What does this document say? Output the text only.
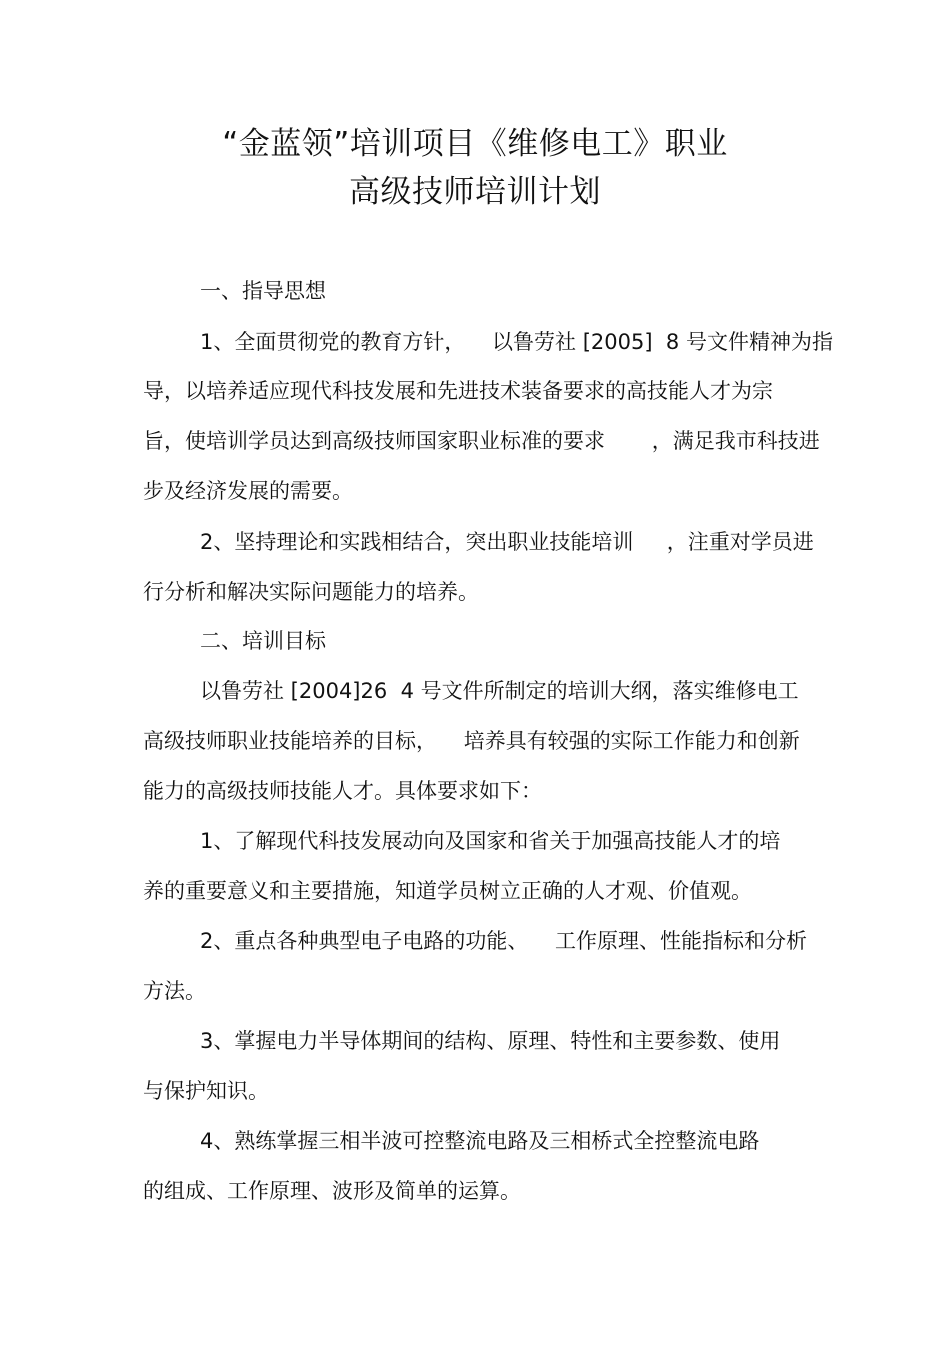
“金蓝领”培训项目《维修电工》职业
高级技师培训计划
一、指导思想
1、全面贯彻党的教育方针，    以鲁劳社 [2005]  8 号文件精神为指
导，以培养适应现代科技发展和先进技术装备要求的高技能人才为宗
旨，使培训学员达到高级技师国家职业标准的要求       ，满足我市科技进
步及经济发展的需要。
2、坚持理论和实践相结合，突出职业技能培训     ，注重对学员进
行分析和解决实际问题能力的培养。
二、培训目标
以鲁劳社 [2004]26  4 号文件所制定的培训大纲，落实维修电工
高级技师职业技能培养的目标，    培养具有较强的实际工作能力和创新
能力的高级技师技能人才。具体要求如下：
1、了解现代科技发展动向及国家和省关于加强高技能人才的培
养的重要意义和主要措施，知道学员树立正确的人才观、价值观。
2、重点各种典型电子电路的功能、    工作原理、性能指标和分析
方法。
3、掌握电力半导体期间的结构、原理、特性和主要参数、使用
与保护知识。
4、熟练掌握三相半波可控整流电路及三相桥式全控整流电路
的组成、工作原理、波形及简单的运算。
